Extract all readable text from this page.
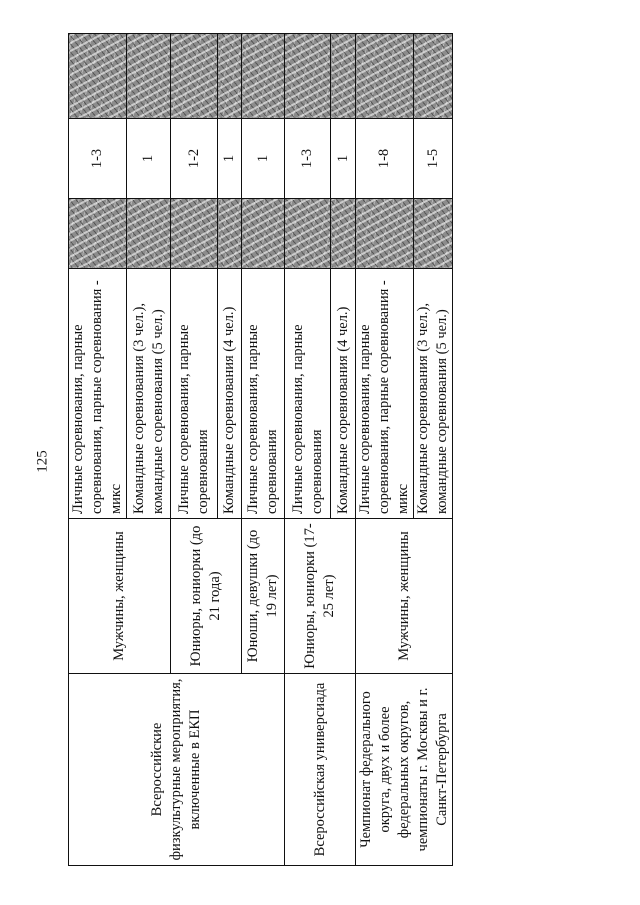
125
Всероссийские физкультурные мероприятия, включенные в ЕКП	Мужчины, женщины	Личные соревнования, парные соревнования, парные соревнования - микс		1-3	
		Командные соревнования (3 чел.), командные соревнования (5 чел.)		1	
	Юниоры, юниорки (до 21 года)	Личные соревнования, парные соревнования		1-2	
		Командные соревнования (4 чел.)		1	
	Юноши, девушки (до 19 лет)	Личные соревнования, парные соревнования		1	
Всероссийская универсиада	Юниоры, юниорки (17-25 лет)	Личные соревнования, парные соревнования		1-3	
		Командные соревнования (4 чел.)		1	
Чемпионат федерального округа, двух и более федеральных округов, чемпионаты г. Москвы и г. Санкт-Петербурга	Мужчины, женщины	Личные соревнования, парные соревнования, парные соревнования - микс		1-8	
		Командные соревнования (3 чел.), командные соревнования (5 чел.)		1-5	
